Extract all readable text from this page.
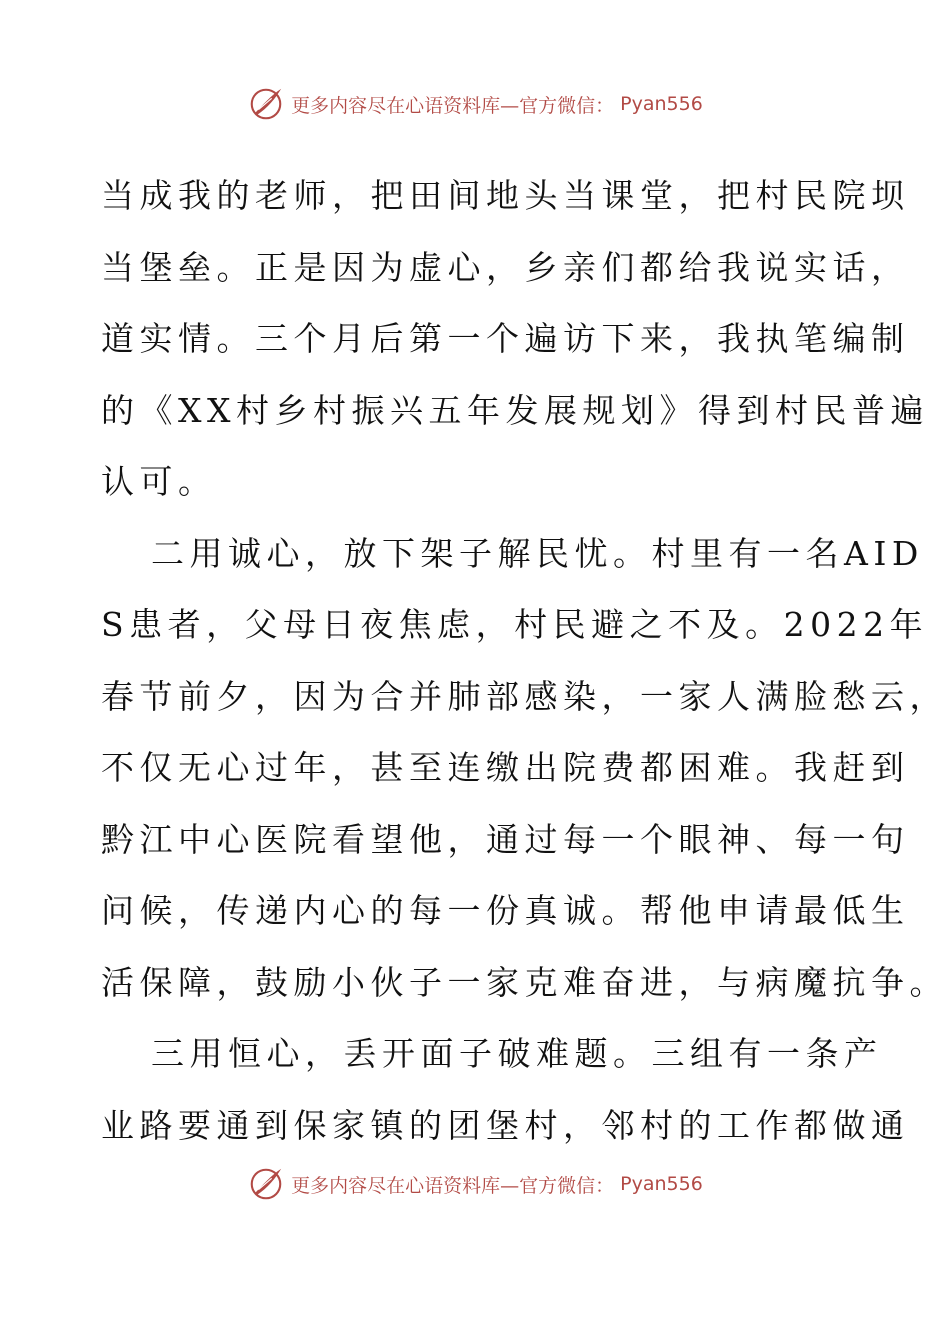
更多内容尽在心语资料库—官方微信： Pyan556
当成我的老师，把田间地头当课堂，把村民院坝
当堡垒。正是因为虚心，乡亲们都给我说实话，
道实情。三个月后第一个遍访下来，我执笔编制
的《XX村乡村振兴五年发展规划》得到村民普遍
认可。
二用诚心，放下架子解民忧。村里有一名AID
S患者，父母日夜焦虑，村民避之不及。2022年
春节前夕，因为合并肺部感染，一家人满脸愁云，
不仅无心过年，甚至连缴出院费都困难。我赶到
黔江中心医院看望他，通过每一个眼神、每一句
问候，传递内心的每一份真诚。帮他申请最低生
活保障，鼓励小伙子一家克难奋进，与病魔抗争。
三用恒心，丢开面子破难题。三组有一条产
业路要通到保家镇的团堡村，邻村的工作都做通
更多内容尽在心语资料库—官方微信： Pyan556
